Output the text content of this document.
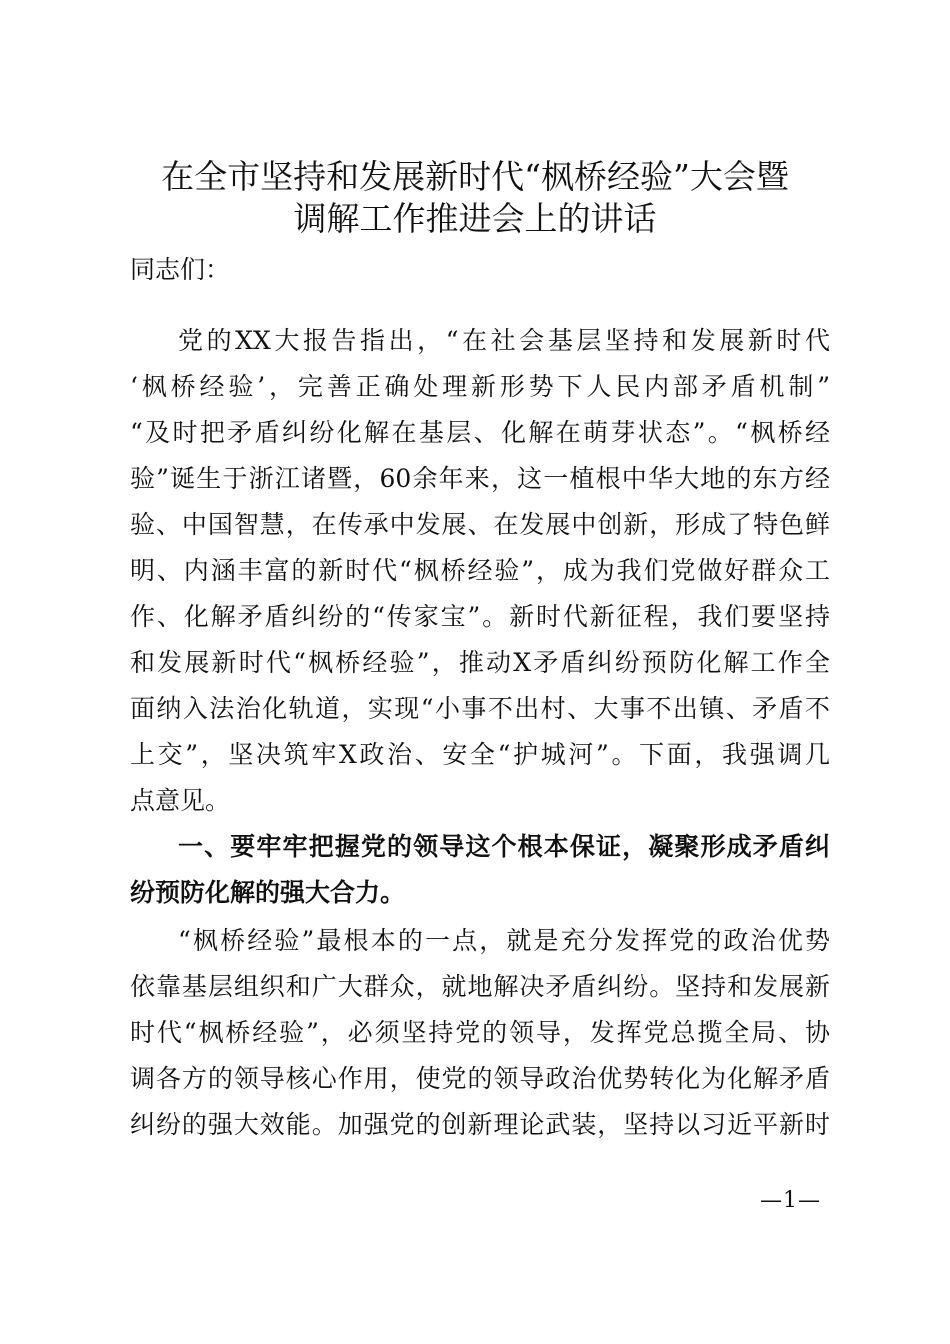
在全市坚持和发展新时代“枫桥经验”大会暨
调解工作推进会上的讲话
同志们：
党的XX大报告指出，“在社会基层坚持和发展新时代
‘枫桥经验’，完善正确处理新形势下人民内部矛盾机制”
“及时把矛盾纠纷化解在基层、化解在萌芽状态”。“枫桥经
验”诞生于浙江诸暨，60余年来，这一植根中华大地的东方经
验、中国智慧，在传承中发展、在发展中创新，形成了特色鲜
明、内涵丰富的新时代“枫桥经验”，成为我们党做好群众工
作、化解矛盾纠纷的“传家宝”。新时代新征程，我们要坚持
和发展新时代“枫桥经验”，推动X矛盾纠纷预防化解工作全
面纳入法治化轨道，实现“小事不出村、大事不出镇、矛盾不
上交”，坚决筑牢X政治、安全“护城河”。下面，我强调几
点意见。
一、要牢牢把握党的领导这个根本保证，凝聚形成矛盾纠
纷预防化解的强大合力。
“枫桥经验”最根本的一点，就是充分发挥党的政治优势
依靠基层组织和广大群众，就地解决矛盾纠纷。坚持和发展新
时代“枫桥经验”，必须坚持党的领导，发挥党总揽全局、协
调各方的领导核心作用，使党的领导政治优势转化为化解矛盾
纠纷的强大效能。加强党的创新理论武装，坚持以习近平新时
—1—
